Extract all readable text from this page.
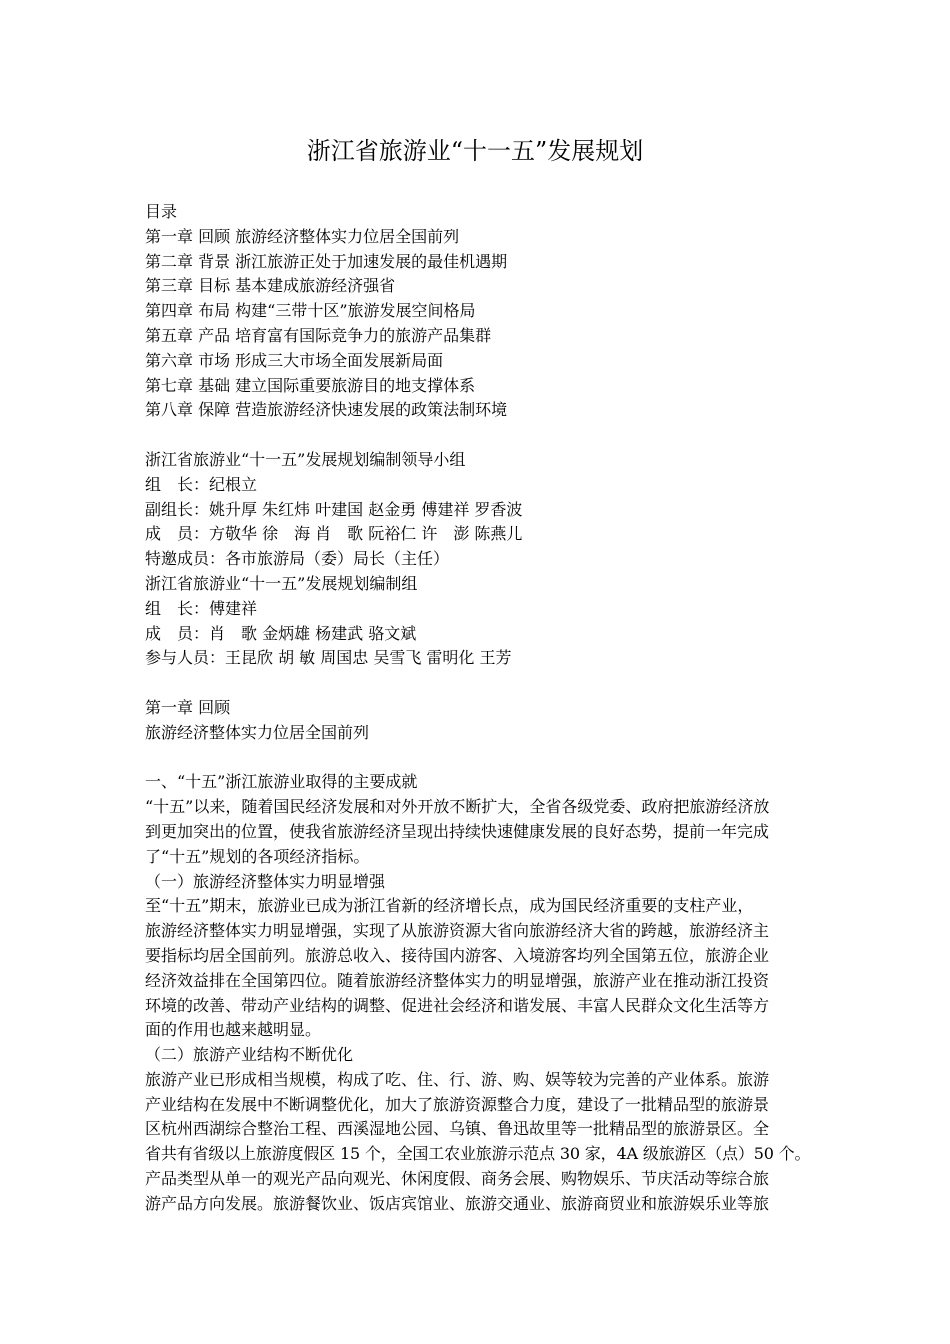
浙江省旅游业“十一五”发展规划
目录
第一章 回顾 旅游经济整体实力位居全国前列
第二章 背景 浙江旅游正处于加速发展的最佳机遇期
第三章 目标 基本建成旅游经济强省
第四章 布局 构建“三带十区”旅游发展空间格局
第五章 产品 培育富有国际竞争力的旅游产品集群
第六章 市场 形成三大市场全面发展新局面
第七章 基础 建立国际重要旅游目的地支撑体系
第八章 保障 营造旅游经济快速发展的政策法制环境
浙江省旅游业“十一五”发展规划编制领导小组
组　长：纪根立
副组长：姚升厚 朱红炜 叶建国 赵金勇 傅建祥 罗香波
成　员：方敬华 徐　海 肖　歌 阮裕仁 许　澎 陈燕儿
特邀成员：各市旅游局（委）局长（主任）
浙江省旅游业“十一五”发展规划编制组
组　长：傅建祥
成　员：肖　歌 金炳雄 杨建武 骆文斌
参与人员：王昆欣 胡 敏 周国忠 吴雪飞 雷明化 王芳
第一章 回顾
旅游经济整体实力位居全国前列
一、“十五”浙江旅游业取得的主要成就
“十五”以来，随着国民经济发展和对外开放不断扩大，全省各级党委、政府把旅游经济放
到更加突出的位置，使我省旅游经济呈现出持续快速健康发展的良好态势，提前一年完成
了“十五”规划的各项经济指标。
（一）旅游经济整体实力明显增强
至“十五”期末，旅游业已成为浙江省新的经济增长点，成为国民经济重要的支柱产业，
旅游经济整体实力明显增强，实现了从旅游资源大省向旅游经济大省的跨越，旅游经济主
要指标均居全国前列。旅游总收入、接待国内游客、入境游客均列全国第五位，旅游企业
经济效益排在全国第四位。随着旅游经济整体实力的明显增强，旅游产业在推动浙江投资
环境的改善、带动产业结构的调整、促进社会经济和谐发展、丰富人民群众文化生活等方
面的作用也越来越明显。
（二）旅游产业结构不断优化
旅游产业已形成相当规模，构成了吃、住、行、游、购、娱等较为完善的产业体系。旅游
产业结构在发展中不断调整优化，加大了旅游资源整合力度，建设了一批精品型的旅游景
区杭州西湖综合整治工程、西溪湿地公园、乌镇、鲁迅故里等一批精品型的旅游景区。全
省共有省级以上旅游度假区 15 个，全国工农业旅游示范点 30 家，4A 级旅游区（点）50 个。
产品类型从单一的观光产品向观光、休闲度假、商务会展、购物娱乐、节庆活动等综合旅
游产品方向发展。旅游餐饮业、饭店宾馆业、旅游交通业、旅游商贸业和旅游娱乐业等旅
